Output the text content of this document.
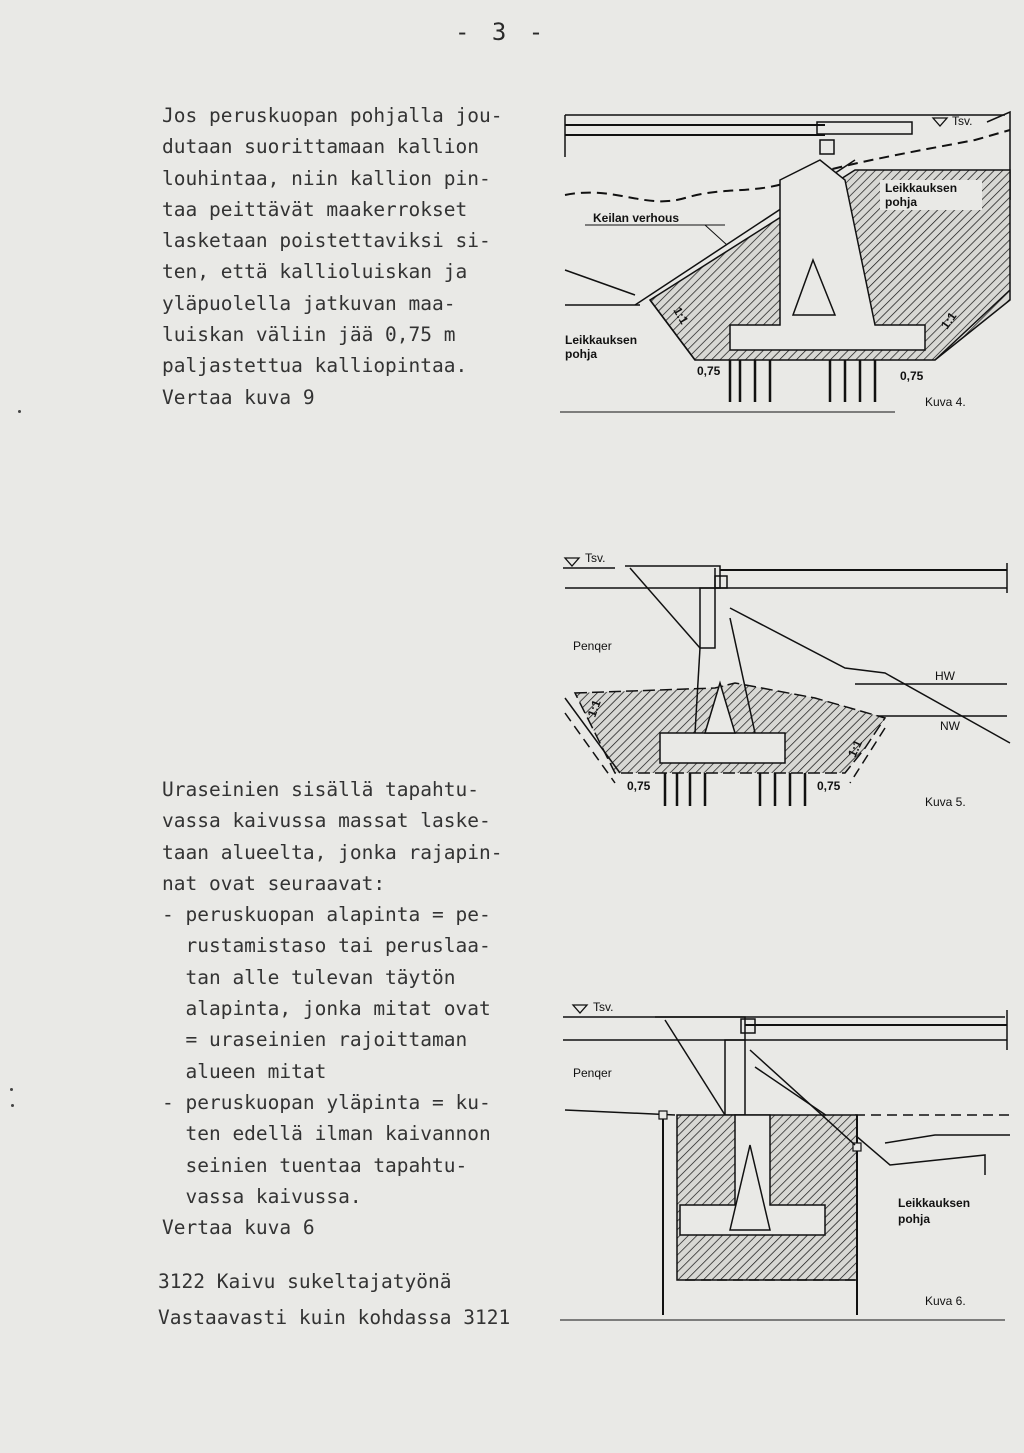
- 3 -
Jos peruskuopan pohjalla jou-
dutaan suorittamaan kallion
louhintaa, niin kallion pin-
taa peittävät maakerrokset
lasketaan poistettaviksi si-
ten, että kallioluiskan ja
yläpuolella jatkuvan maa-
luiskan väliin jää 0,75 m
paljastettua kalliopintaa.
Vertaa kuva 9
Uraseinien sisällä tapahtu-
vassa kaivussa massat laske-
taan alueelta, jonka rajapin-
nat ovat seuraavat:
- peruskuopan alapinta = pe-
rustamistaso tai peruslaa-
tan alle tulevan täytön
alapinta, jonka mitat ovat
= uraseinien rajoittaman
alueen mitat
- peruskuopan yläpinta = ku-
ten edellä ilman kaivannon
seinien tuentaa tapahtu-
vassa kaivussa.
Vertaa kuva 6
3122 Kaivu sukeltajatyönä
Vastaavasti kuin kohdassa 3121
Tsv.
Leikkauksen
pohja
Keilan verhous
Leikkauksen
pohja
1:1	1:1
0,75	0,75
Kuva 4.
Tsv.
Penqer
HW
NW
1:1
1:1
0,75	0,75
Kuva 5.
Tsv.
Penqer
Leikkauksen
pohja
Kuva 6.
